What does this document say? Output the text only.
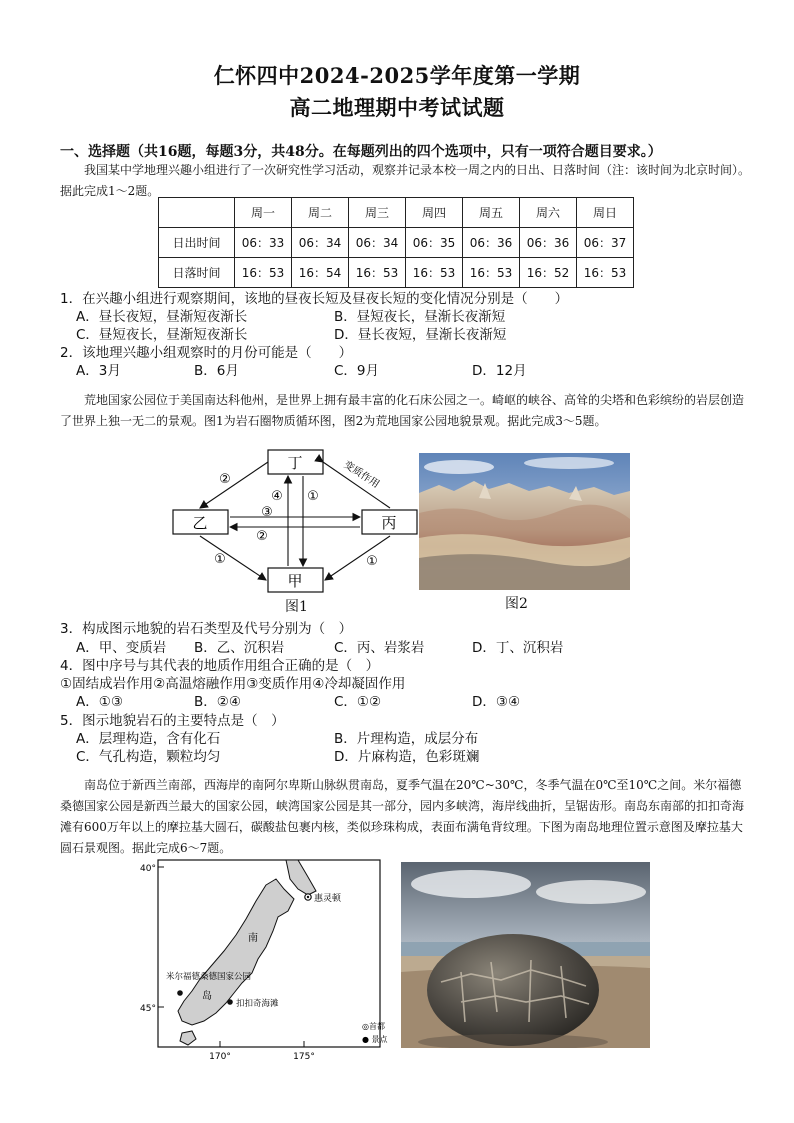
仁怀四中2024-2025学年度第一学期
高二地理期中考试试题
一、选择题（共16题，每题3分，共48分。在每题列出的四个选项中，只有一项符合题目要求。）
我国某中学地理兴趣小组进行了一次研究性学习活动，观察并记录本校一周之内的日出、日落时间（注：该时间为北京时间）。据此完成1～2题。
	周一	周二	周三	周四	周五	周六	周日
日出时间	06：33	06：34	06：34	06：35	06：36	06：36	06：37
日落时间	16：53	16：54	16：53	16：53	16：53	16：52	16：53
1．在兴趣小组进行观察期间，该地的昼夜长短及昼夜长短的变化情况分别是（　　）
A．昼长夜短，昼渐短夜渐长	B．昼短夜长，昼渐长夜渐短
C．昼短夜长，昼渐短夜渐长	D．昼长夜短，昼渐长夜渐短
2．该地理兴趣小组观察时的月份可能是（　　）
A．3月	B．6月	C．9月	D．12月
荒地国家公园位于美国南达科他州，是世界上拥有最丰富的化石床公园之一。崎岖的峡谷、高耸的尖塔和色彩缤纷的岩层创造了世界上独一无二的景观。图1为岩石圈物质循环图，图2为荒地国家公园地貌景观。据此完成3～5题。
丁
乙	丙
甲
②
④ ①
③
②
①	①
变质作用
图1	图2
3．构成图示地貌的岩石类型及代号分别为（　）
A．甲、变质岩 B．乙、沉积岩	C．丙、岩浆岩	D．丁、沉积岩
4．图中序号与其代表的地质作用组合正确的是（　）
①固结成岩作用②高温熔融作用③变质作用④冷却凝固作用
A．①③	B．②④	C．①②	D．③④
5．图示地貌岩石的主要特点是（　）
A．层理构造，含有化石	B．片理构造，成层分布
C．气孔构造，颗粒均匀	D．片麻构造，色彩斑斓
南岛位于新西兰南部，西海岸的南阿尔卑斯山脉纵贯南岛，夏季气温在20℃~30℃，冬季气温在0℃至10℃之间。米尔福德桑德国家公园是新西兰最大的国家公园，峡湾国家公园是其一部分，园内多峡湾，海岸线曲折，呈锯齿形。南岛东南部的扣扣奇海滩有600万年以上的摩拉基大圆石，碳酸盐包裹内核，类似珍珠构成，表面布满龟背纹理。下图为南岛地理位置示意图及摩拉基大圆石景观图。据此完成6～7题。
40°
45°
170°	175°
惠灵顿
南
岛
米尔福德桑德国家公园
扣扣奇海滩
◎首都
● 景点
